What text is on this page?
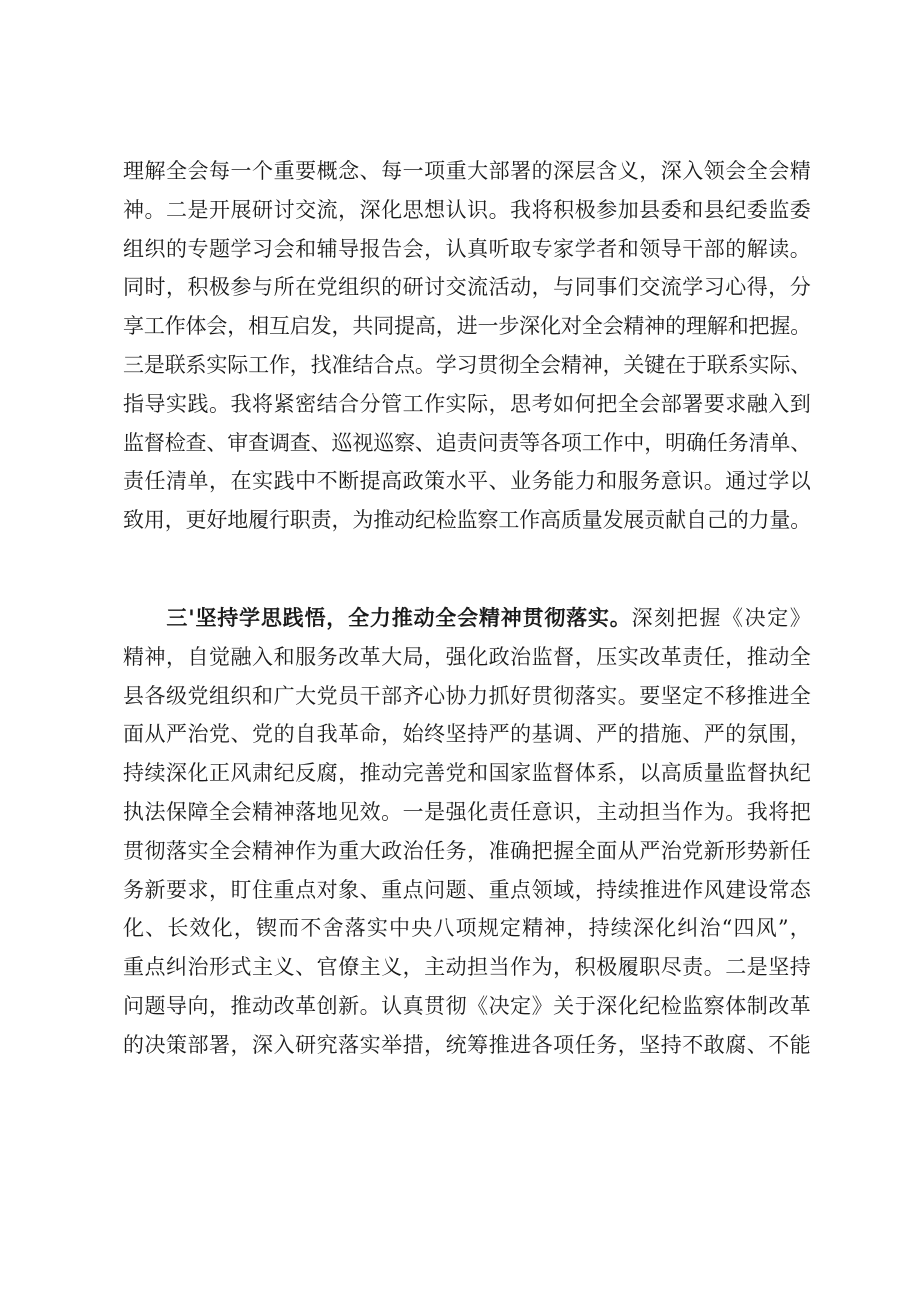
理解全会每一个重要概念、每一项重大部署的深层含义，深入领会全会精
神。二是开展研讨交流，深化思想认识。我将积极参加县委和县纪委监委
组织的专题学习会和辅导报告会，认真听取专家学者和领导干部的解读。
同时，积极参与所在党组织的研讨交流活动，与同事们交流学习心得，分
享工作体会，相互启发，共同提高，进一步深化对全会精神的理解和把握。
三是联系实际工作，找准结合点。学习贯彻全会精神，关键在于联系实际、
指导实践。我将紧密结合分管工作实际，思考如何把全会部署要求融入到
监督检查、审查调查、巡视巡察、追责问责等各项工作中，明确任务清单、
责任清单，在实践中不断提高政策水平、业务能力和服务意识。通过学以
致用，更好地履行职责，为推动纪检监察工作高质量发展贡献自己的力量。
三'坚持学思践悟，全力推动全会精神贯彻落实。深刻把握《决定》
精神，自觉融入和服务改革大局，强化政治监督，压实改革责任，推动全
县各级党组织和广大党员干部齐心协力抓好贯彻落实。要坚定不移推进全
面从严治党、党的自我革命，始终坚持严的基调、严的措施、严的氛围，
持续深化正风肃纪反腐，推动完善党和国家监督体系，以高质量监督执纪
执法保障全会精神落地见效。一是强化责任意识，主动担当作为。我将把
贯彻落实全会精神作为重大政治任务，准确把握全面从严治党新形势新任
务新要求，盯住重点对象、重点问题、重点领域，持续推进作风建设常态
化、长效化，锲而不舍落实中央八项规定精神，持续深化纠治“四风”，
重点纠治形式主义、官僚主义，主动担当作为，积极履职尽责。二是坚持
问题导向，推动改革创新。认真贯彻《决定》关于深化纪检监察体制改革
的决策部署，深入研究落实举措，统筹推进各项任务，坚持不敢腐、不能
